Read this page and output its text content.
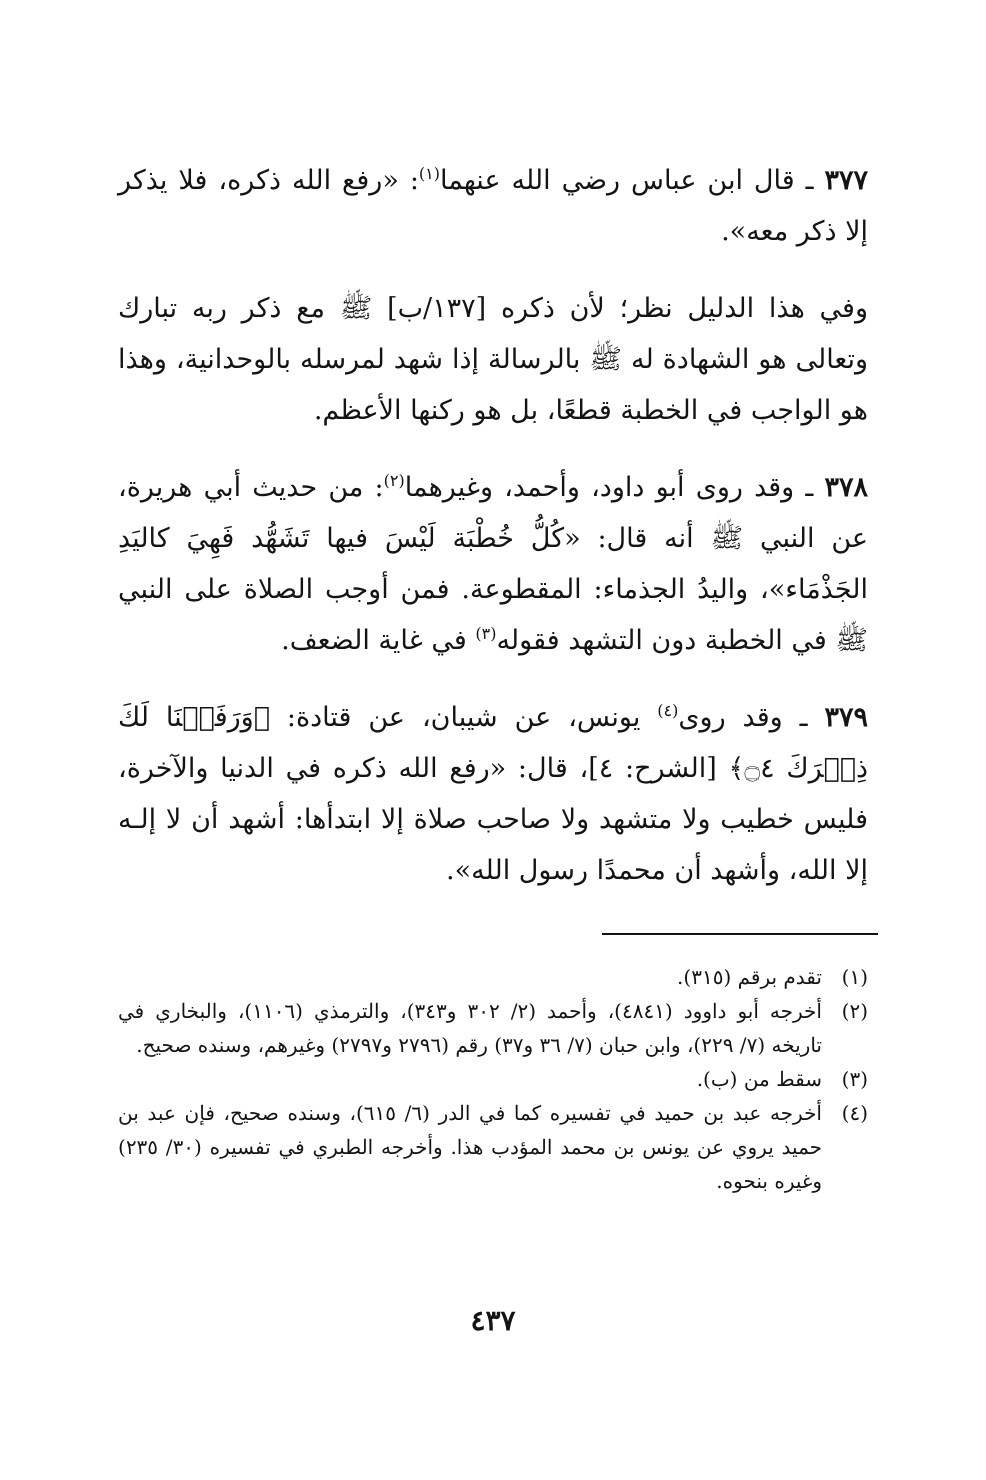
٣٧٧ ـ قال ابن عباس رضي الله عنهما$^{(١)}$: «رفع الله ذكره، فلا يذكر إلا ذكر معه».

وفي هذا الدليل نظر؛ لأن ذكره [١٣٧/ب] ﷺ مع ذكر ربه تبارك وتعالى هو الشهادة له ﷺ بالرسالة إذا شهد لمرسله بالوحدانية، وهذا هو الواجب في الخطبة قطعًا، بل هو ركنها الأعظم.

٣٧٨ ـ وقد روى أبو داود، وأحمد، وغيرهما$^{(٢)}$: من حديث أبي هريرة، عن النبي ﷺ أنه قال: «كُلُّ خُطْبَة لَيْسَ فيها تَشَهُّد فَهِيَ كاليَدِ الجَذْمَاء»، واليدُ الجذماء: المقطوعة. فمن أوجب الصلاة على النبي ﷺ في الخطبة دون التشهد فقوله$^{(٣)}$ في غاية الضعف.

٣٧٩ ـ وقد روى$^{(٤)}$ يونس، عن شيبان، عن قتادة: ﴿وَرَفَعۡنَا لَكَ ذِكۡرَكَ ۝٤﴾ [الشرح: ٤]، قال: «رفع الله ذكره في الدنيا والآخرة، فليس خطيب ولا متشهد ولا صاحب صلاة إلا ابتدأها: أشهد أن لا إلـه إلا الله، وأشهد أن محمدًا رسول الله».

(١)
تقدم برقم (٣١٥).
(٢)
أخرجه أبو داوود (٤٨٤١)، وأحمد (٢/ ٣٠٢ و٣٤٣)، والترمذي (١١٠٦)، والبخاري في تاريخه (٧/ ٢٢٩)، وابن حبان (٧/ ٣٦ و٣٧) رقم (٢٧٩٦ و٢٧٩٧) وغيرهم، وسنده صحيح.
(٣)
سقط من (ب).
(٤)
أخرجه عبد بن حميد في تفسيره كما في الدر (٦/ ٦١٥)، وسنده صحيح، فإن عبد بن حميد يروي عن يونس بن محمد المؤدب هذا. وأخرجه الطبري في تفسيره (٣٠/ ٢٣٥) وغيره بنحوه.
٤٣٧
